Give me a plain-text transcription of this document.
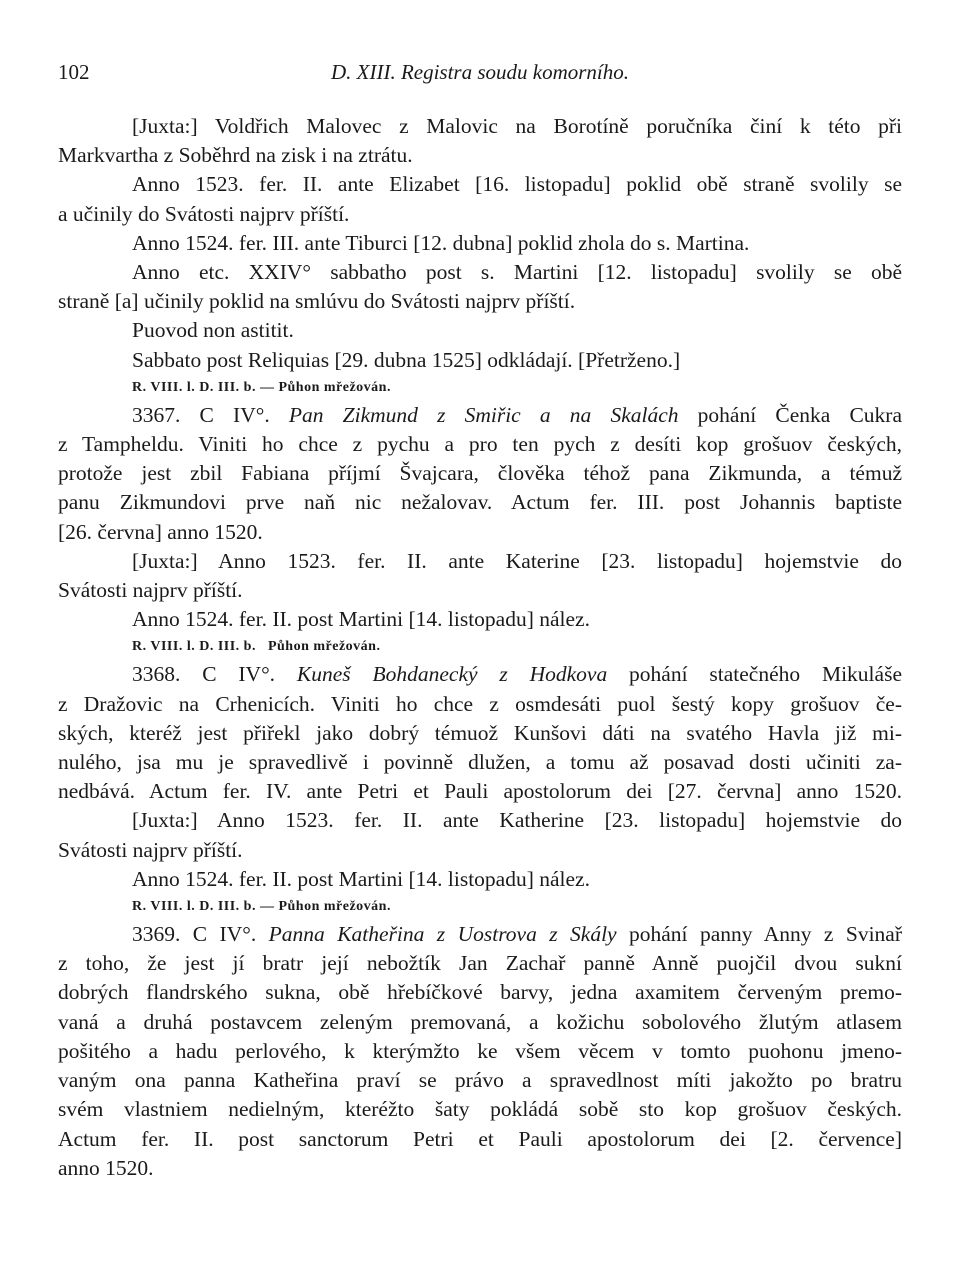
102	D. XIII. Registra soudu komorního.
[Juxta:] Voldřich Malovec z Malovic na Borotíně poručníka činí k této při
Markvartha z Soběhrd na zisk i na ztrátu.
Anno 1523. fer. II. ante Elizabet [16. listopadu] poklid obě straně svolily se
a učinily do Svátosti najprv příští.
Anno 1524. fer. III. ante Tiburci [12. dubna] poklid zhola do s. Martina.
Anno etc. XXIV° sabbatho post s. Martini [12. listopadu] svolily se obě
straně [a] učinily poklid na smlúvu do Svátosti najprv příští.
Puovod non astitit.
Sabbato post Reliquias [29. dubna 1525] odkládají. [Přetrženo.]
R. VIII. l. D. III. b. — Půhon mřežován.
3367. C IV°. Pan Zikmund z Smiřic a na Skalách pohání Čenka Cukra
z Tampheldu. Viniti ho chce z pychu a pro ten pych z desíti kop grošuov českých,
protože jest zbil Fabiana příjmí Švajcara, člověka téhož pana Zikmunda, a témuž
panu Zikmundovi prve naň nic nežalovav. Actum fer. III. post Johannis baptiste
[26. června] anno 1520.
[Juxta:] Anno 1523. fer. II. ante Katerine [23. listopadu] hojemstvie do
Svátosti najprv příští.
Anno 1524. fer. II. post Martini [14. listopadu] nález.
R. VIII. l. D. III. b.   Půhon mřežován.
3368. C IV°. Kuneš Bohdanecký z Hodkova pohání statečného Mikuláše
z Dražovic na Crhenicích. Viniti ho chce z osmdesáti puol šestý kopy grošuov če-
ských, kteréž jest přiřekl jako dobrý témuož Kunšovi dáti na svatého Havla již mi-
nulého, jsa mu je spravedlivě i povinně dlužen, a tomu až posavad dosti učiniti za-
nedbává. Actum fer. IV. ante Petri et Pauli apostolorum dei [27. června] anno 1520.
[Juxta:] Anno 1523. fer. II. ante Katherine [23. listopadu] hojemstvie do
Svátosti najprv příští.
Anno 1524. fer. II. post Martini [14. listopadu] nález.
R. VIII. l. D. III. b. — Půhon mřežován.
3369. C IV°. Panna Katheřina z Uostrova z Skály pohání panny Anny z Svinař
z toho, že jest jí bratr její nebožtík Jan Zachař panně Anně puojčil dvou sukní
dobrých flandrského sukna, obě hřebíčkové barvy, jedna axamitem červeným premo-
vaná a druhá postavcem zeleným premovaná, a kožichu sobolového žlutým atlasem
pošitého a hadu perlového, k kterýmžto ke všem věcem v tomto puohonu jmeno-
vaným ona panna Katheřina praví se právo a spravedlnost míti jakožto po bratru
svém vlastniem nedielným, kteréžto šaty pokládá sobě sto kop grošuov českých.
Actum fer. II. post sanctorum Petri et Pauli apostolorum dei [2. července]
anno 1520.
